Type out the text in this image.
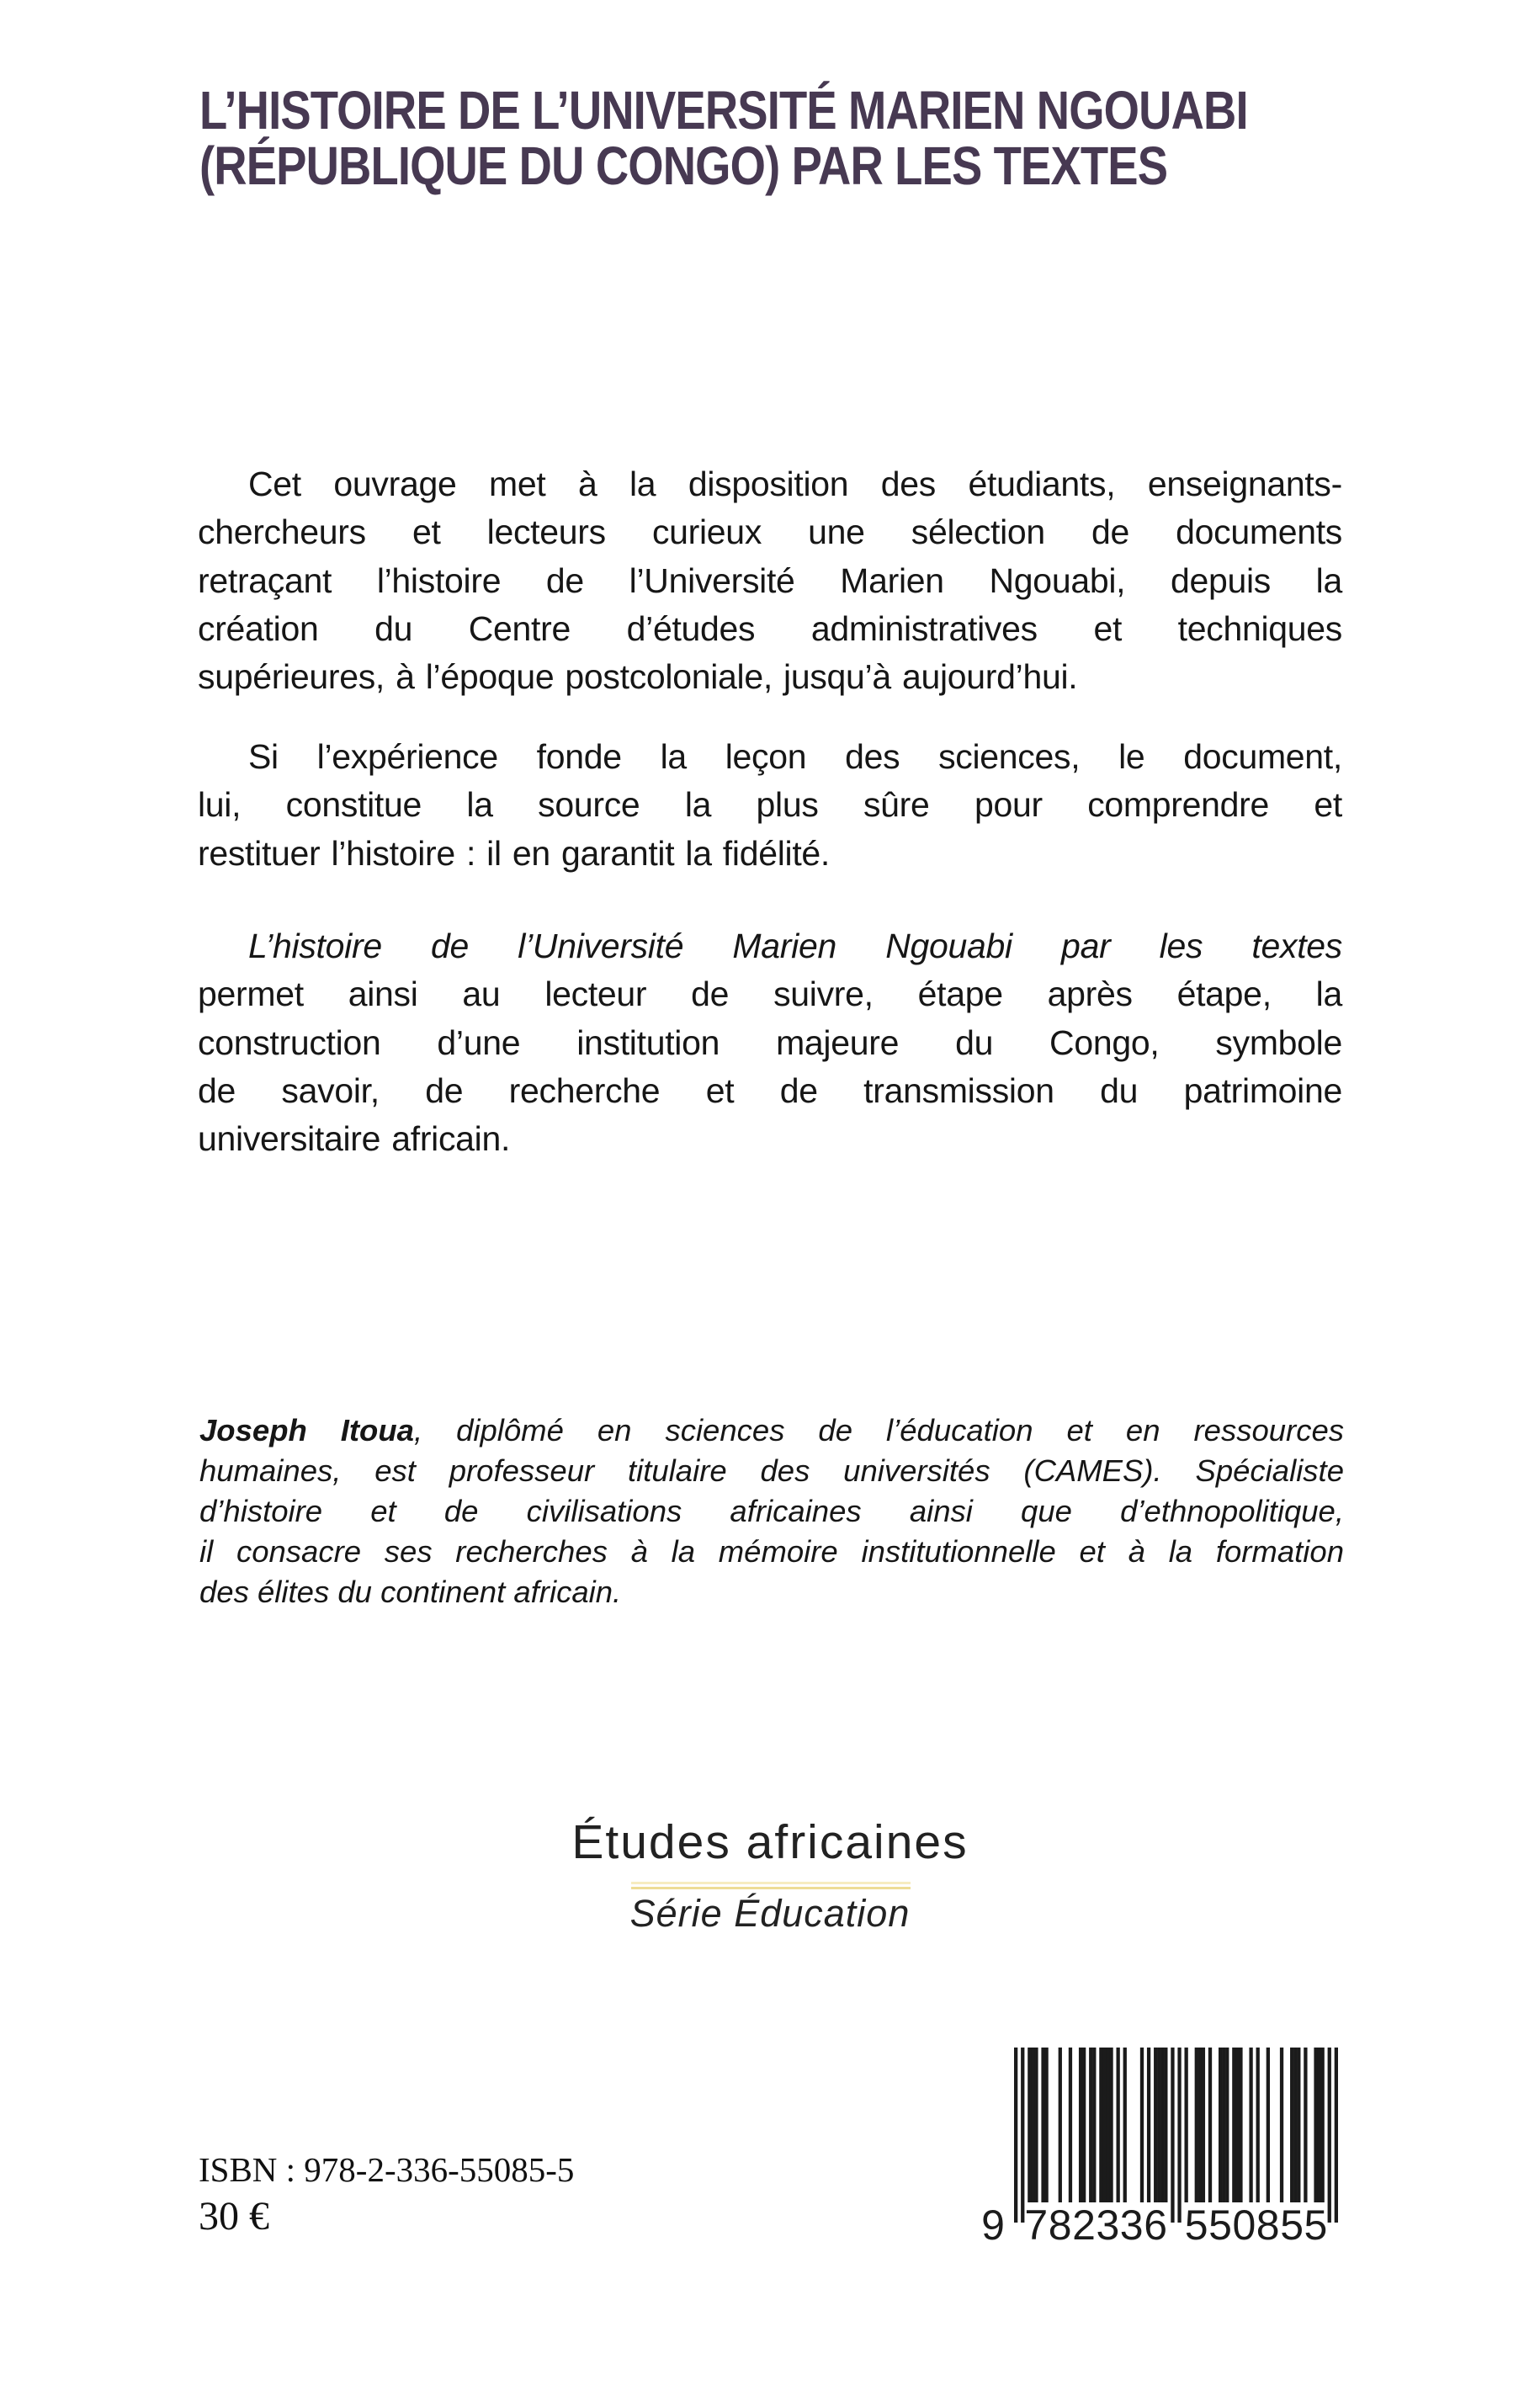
L’HISTOIRE DE L’UNIVERSITÉ MARIEN NGOUABI
(RÉPUBLIQUE DU CONGO) PAR LES TEXTES
Cet ouvrage met à la disposition des étudiants, enseignants-
chercheurs et lecteurs curieux une sélection de documents
retraçant l’histoire de l’Université Marien Ngouabi, depuis la
création du Centre d’études administratives et techniques
supérieures, à l’époque postcoloniale, jusqu’à aujourd’hui.
Si l’expérience fonde la leçon des sciences, le document,
lui, constitue la source la plus sûre pour comprendre et
restituer l’histoire : il en garantit la fidélité.
L’histoire de l’Université Marien Ngouabi par les textes
permet ainsi au lecteur de suivre, étape après étape, la
construction d’une institution majeure du Congo, symbole
de savoir, de recherche et de transmission du patrimoine
universitaire africain.
Joseph Itoua, diplômé en sciences de l’éducation et en ressources
humaines, est professeur titulaire des universités (CAMES). Spécialiste
d’histoire et de civilisations africaines ainsi que d’ethnopolitique,
il consacre ses recherches à la mémoire institutionnelle et à la formation
des élites du continent africain.
Études africaines
Série Éducation
ISBN : 978-2-336-55085-5
30 €	9 7 8 2 3 3 6 5 5 0 8 5 5
